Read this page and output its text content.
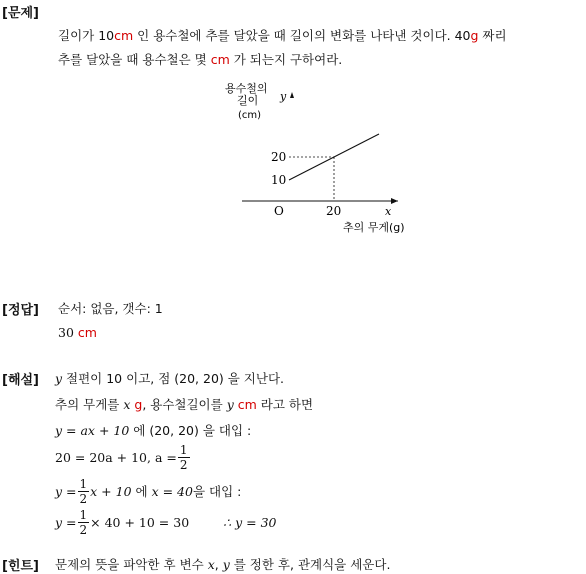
[문제]
길이가 10cm 인 용수철에 추를 달았을 때 길이의 변화를 나타낸 것이다. 40g 짜리
추를 달았을 때 용수철은 몇 cm 가 되는지 구하여라.
용수철의
길이
(cm)
y
20
10
O	20	x
추의 무게(g)
[정답] 순서: 없음, 갯수: 1
30 cm
[해설] y 절편이 10 이고, 점 (20, 20) 을 지난다.
추의 무게를 x g, 용수철길이를 y cm 라고 하면
y = ax + 10 에 (20, 20) 을 대입 :
20 = 20a + 10, $a = \frac{1}{2}$
$y = \frac{1}{2}$ x + 10 에 x = 40 을 대입 :
$y = \frac{1}{2} \times 40 + 10 = 30$	∴ y = 30
[힌트] 문제의 뜻을 파악한 후 변수 x, y 를 정한 후, 관계식을 세운다.
